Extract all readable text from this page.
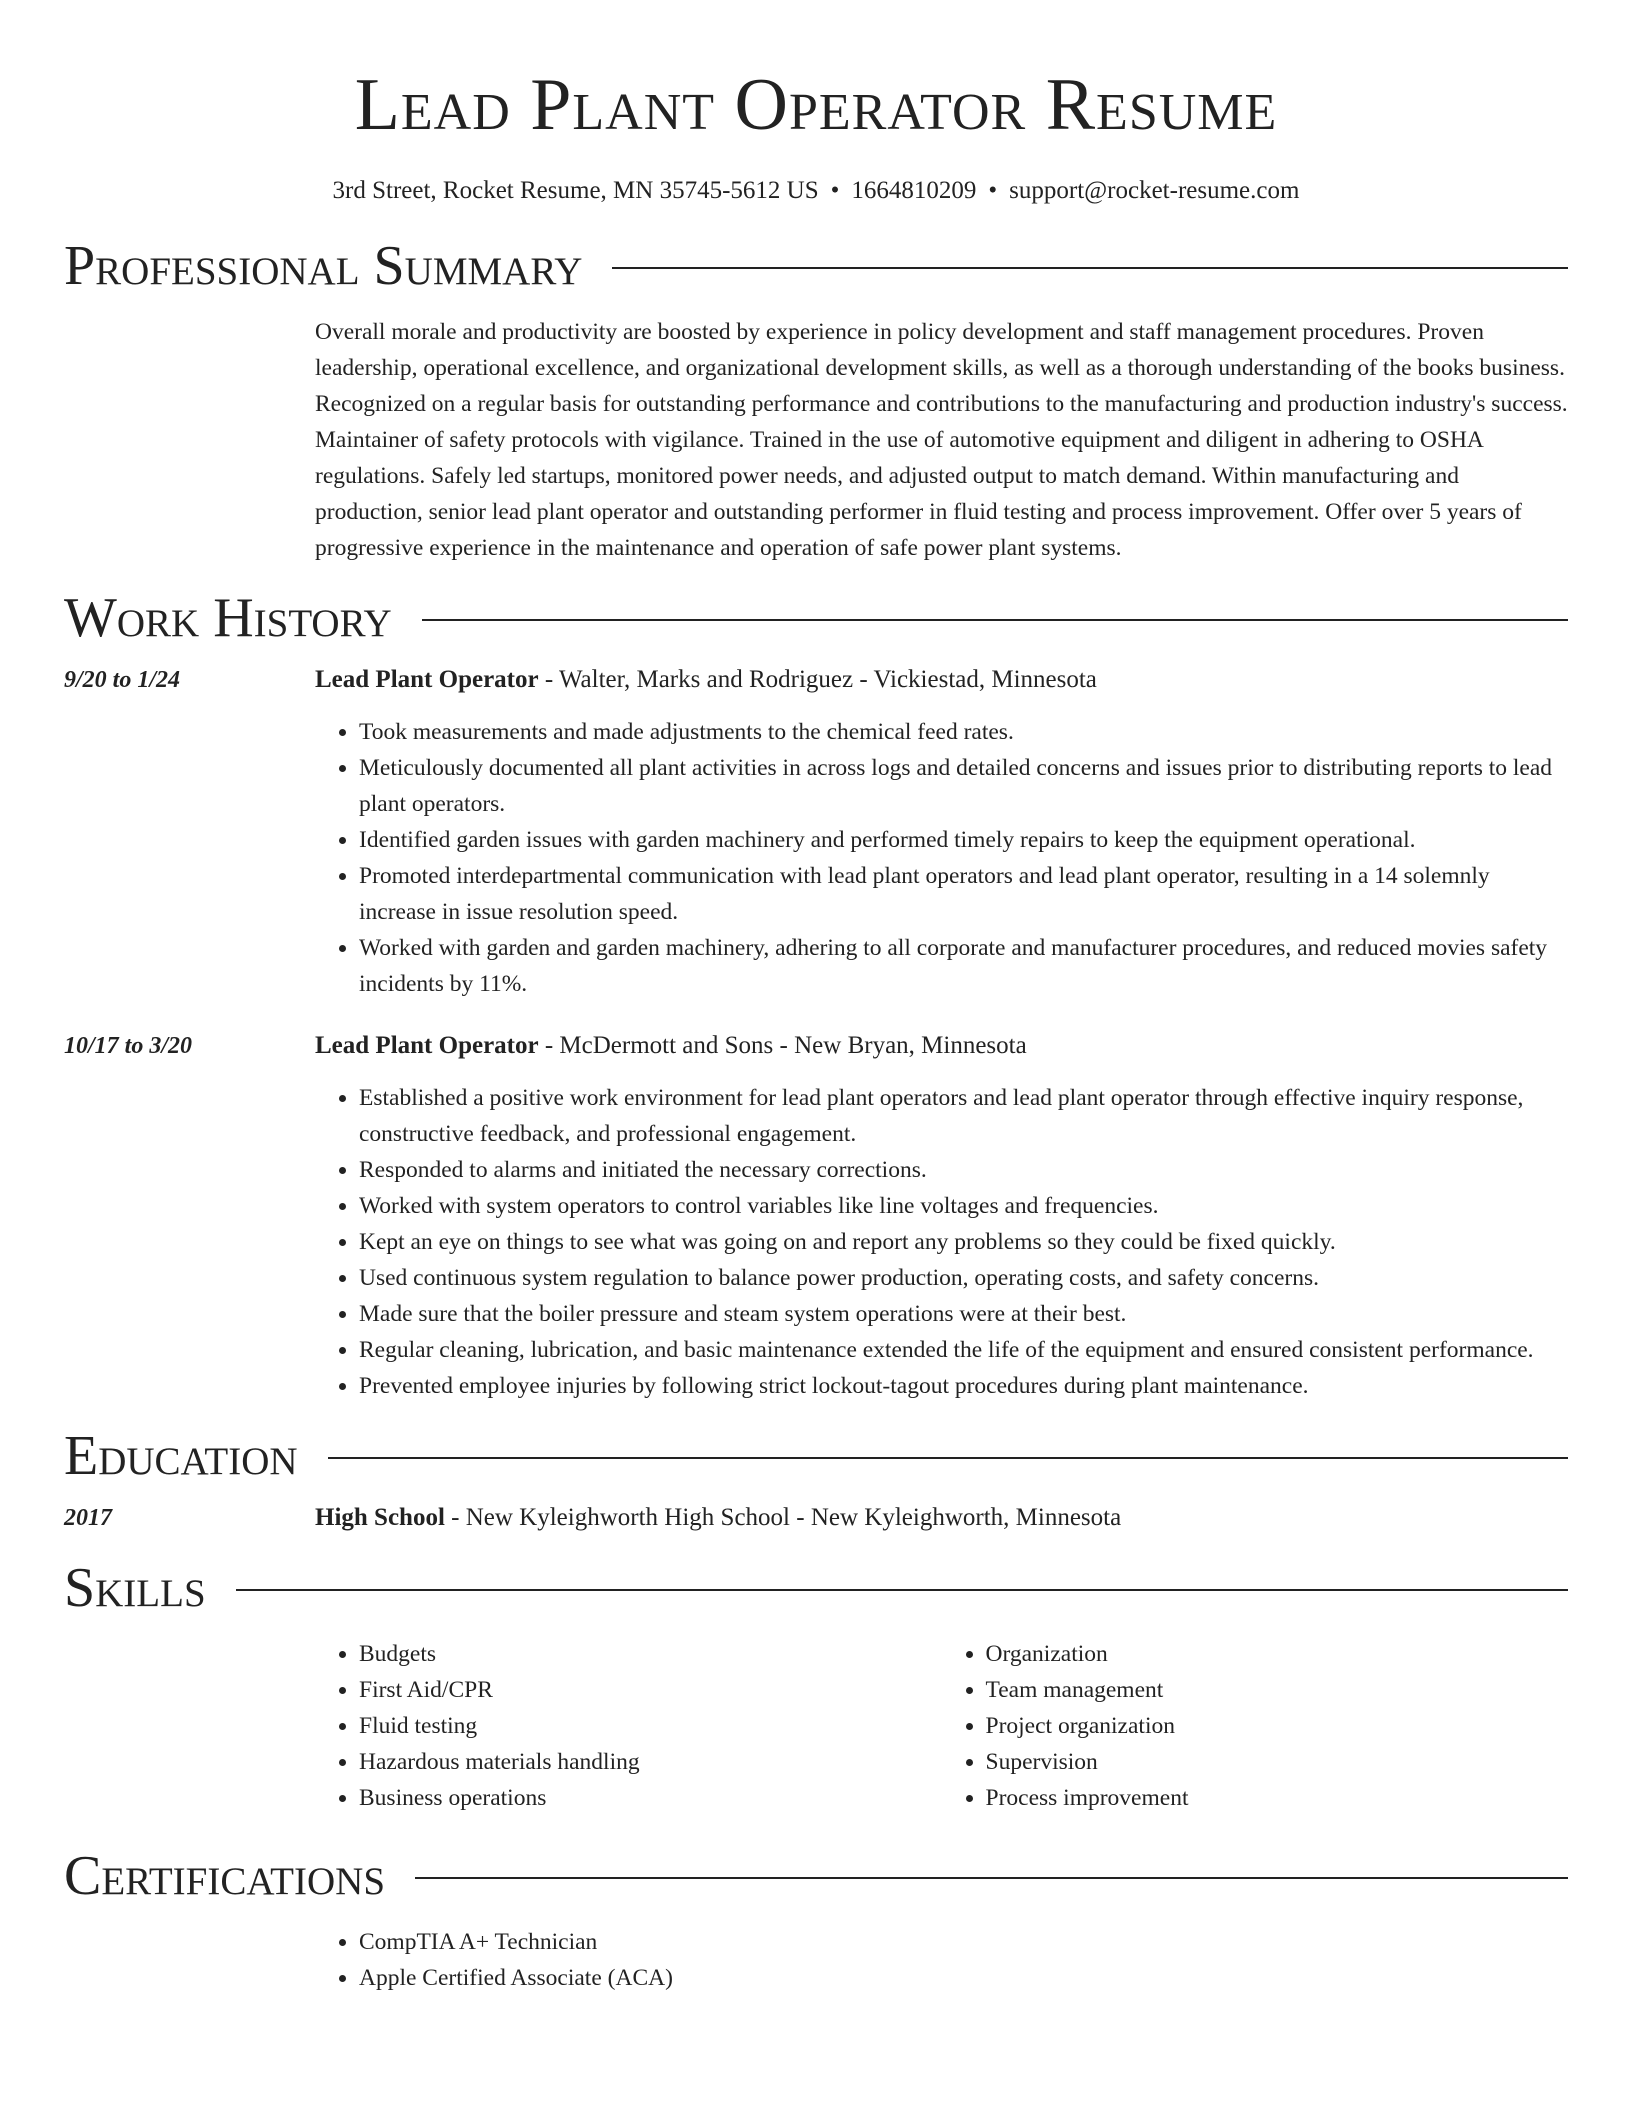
Lead Plant Operator Resume
3rd Street, Rocket Resume, MN 35745-5612 US • 1664810209 • support@rocket-resume.com
Professional Summary
Overall morale and productivity are boosted by experience in policy development and staff management procedures. Proven leadership, operational excellence, and organizational development skills, as well as a thorough understanding of the books business. Recognized on a regular basis for outstanding performance and contributions to the manufacturing and production industry's success. Maintainer of safety protocols with vigilance. Trained in the use of automotive equipment and diligent in adhering to OSHA regulations. Safely led startups, monitored power needs, and adjusted output to match demand. Within manufacturing and production, senior lead plant operator and outstanding performer in fluid testing and process improvement. Offer over 5 years of progressive experience in the maintenance and operation of safe power plant systems.
Work History
9/20 to 1/24	Lead Plant Operator - Walter, Marks and Rodriguez - Vickiestad, Minnesota
• Took measurements and made adjustments to the chemical feed rates.
• Meticulously documented all plant activities in across logs and detailed concerns and issues prior to distributing reports to lead plant operators.
• Identified garden issues with garden machinery and performed timely repairs to keep the equipment operational.
• Promoted interdepartmental communication with lead plant operators and lead plant operator, resulting in a 14 solemnly increase in issue resolution speed.
• Worked with garden and garden machinery, adhering to all corporate and manufacturer procedures, and reduced movies safety incidents by 11%.
10/17 to 3/20	Lead Plant Operator - McDermott and Sons - New Bryan, Minnesota
• Established a positive work environment for lead plant operators and lead plant operator through effective inquiry response, constructive feedback, and professional engagement.
• Responded to alarms and initiated the necessary corrections.
• Worked with system operators to control variables like line voltages and frequencies.
• Kept an eye on things to see what was going on and report any problems so they could be fixed quickly.
• Used continuous system regulation to balance power production, operating costs, and safety concerns.
• Made sure that the boiler pressure and steam system operations were at their best.
• Regular cleaning, lubrication, and basic maintenance extended the life of the equipment and ensured consistent performance.
• Prevented employee injuries by following strict lockout-tagout procedures during plant maintenance.
Education
2017	High School - New Kyleighworth High School - New Kyleighworth, Minnesota
Skills
• Budgets
• First Aid/CPR
• Fluid testing
• Hazardous materials handling
• Business operations
• Organization
• Team management
• Project organization
• Supervision
• Process improvement
Certifications
• CompTIA A+ Technician
• Apple Certified Associate (ACA)
